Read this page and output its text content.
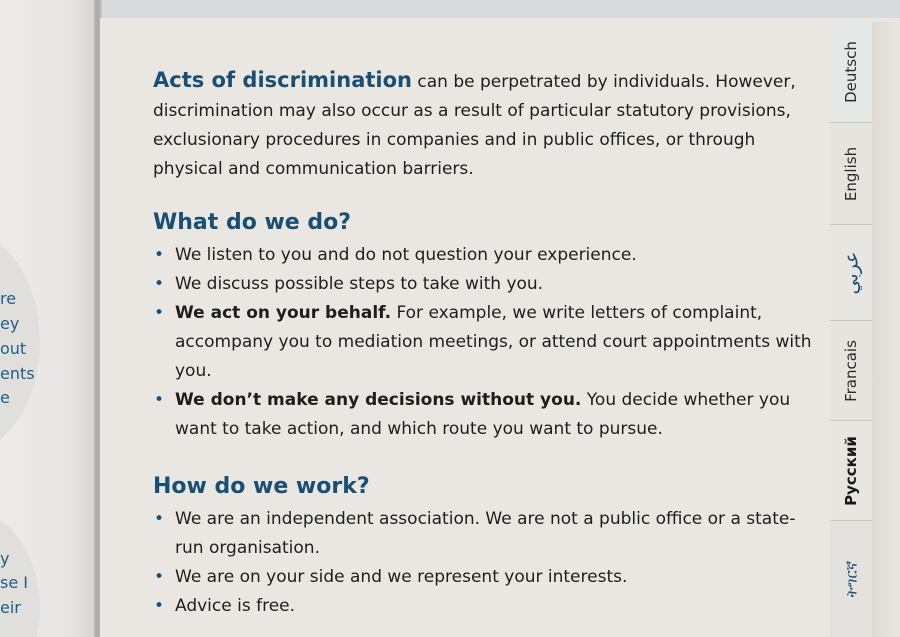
re
ey
out
ents
e
y
se I
eir

Acts of discrimination can be perpetrated by individuals. However, discrimination may also occur as a result of particular statutory provisions, exclusionary procedures in companies and in public offices, or through physical and communication barriers.

What do we do?
• We listen to you and do not question your experience.
• We discuss possible steps to take with you.
• We act on your behalf. For example, we write letters of complaint, accompany you to mediation meetings, or attend court appointments with you.
• We don’t make any decisions without you. You decide whether you want to take action, and which route you want to pursue.
How do we work?
• We are an independent association. We are not a public office or a state-run organisation.
• We are on your side and we represent your interests.
• Advice is free.
Deutsch
English
عربي
Francais
Русский
ትግርኛ
